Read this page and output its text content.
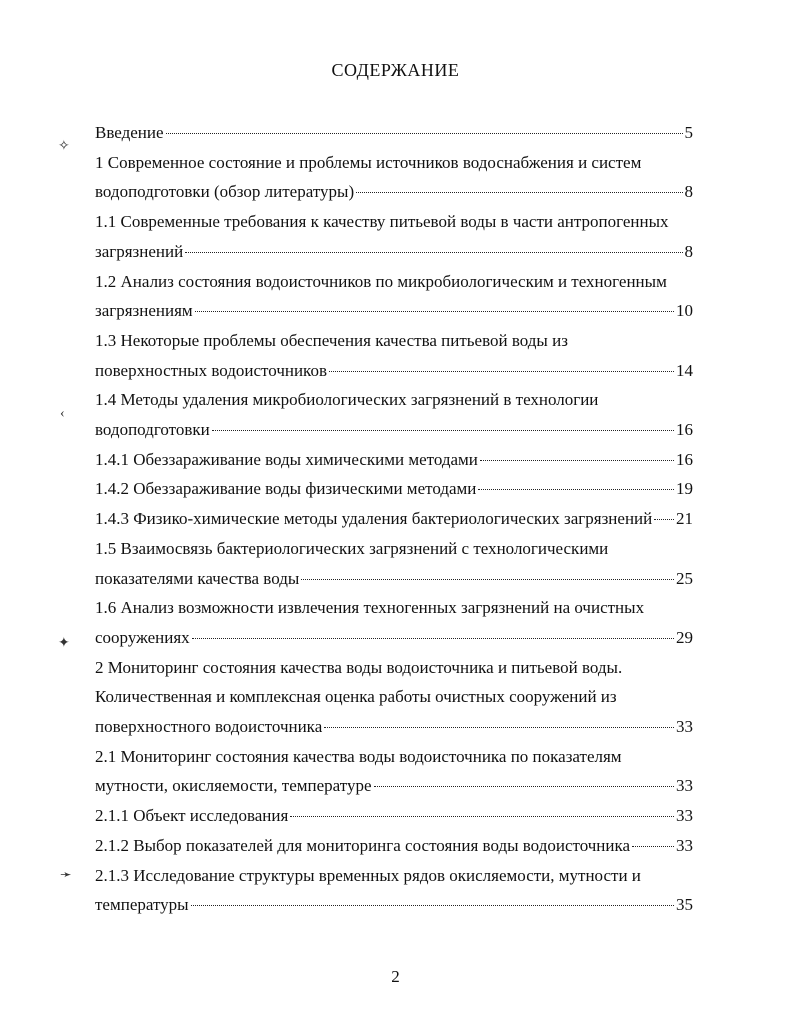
СОДЕРЖАНИЕ
Введение	5
1 Современное состояние и проблемы источников водоснабжения и систем
водоподготовки (обзор литературы)	8
1.1 Современные требования к качеству питьевой воды в части антропогенных
загрязнений	8
1.2 Анализ состояния водоисточников по микробиологическим и техногенным
загрязнениям	10
1.3 Некоторые проблемы обеспечения качества питьевой воды из
поверхностных водоисточников	14
1.4 Методы удаления микробиологических загрязнений в технологии
водоподготовки	16
1.4.1 Обеззараживание воды химическими методами	16
1.4.2 Обеззараживание воды физическими методами	19
1.4.3 Физико-химические методы удаления бактериологических загрязнений 21
1.5 Взаимосвязь бактериологических загрязнений с технологическими
показателями качества воды	25
1.6 Анализ возможности извлечения техногенных загрязнений на очистных
сооружениях	29
2 Мониторинг состояния качества воды водоисточника и питьевой воды.
Количественная и комплексная оценка работы очистных сооружений из
поверхностного водоисточника	33
2.1 Мониторинг состояния качества воды водоисточника по показателям
мутности, окисляемости, температуре	33
2.1.1 Объект исследования	33
2.1.2 Выбор показателей для мониторинга состояния воды водоисточника	33
2.1.3 Исследование структуры временных рядов окисляемости, мутности и
температуры	35
2
✧
‹
✦
➛
